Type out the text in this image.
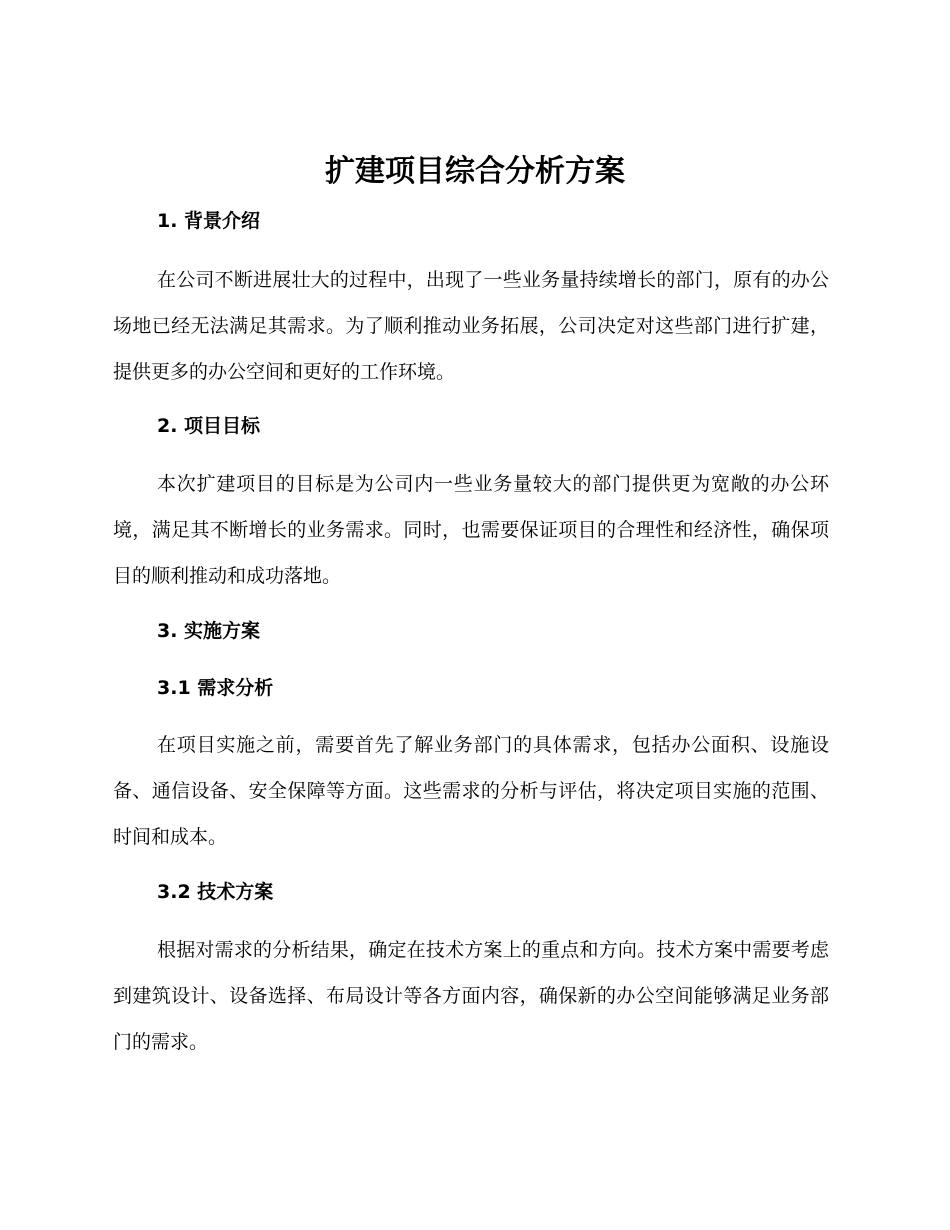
扩建项目综合分析方案
1. 背景介绍

在公司不断进展壮大的过程中，出现了一些业务量持续增长的部门，原有的办公场地已经无法满足其需求。为了顺利推动业务拓展，公司决定对这些部门进行扩建，提供更多的办公空间和更好的工作环境。

2. 项目目标

本次扩建项目的目标是为公司内一些业务量较大的部门提供更为宽敞的办公环境，满足其不断增长的业务需求。同时，也需要保证项目的合理性和经济性，确保项目的顺利推动和成功落地。

3. 实施方案
3.1 需求分析

在项目实施之前，需要首先了解业务部门的具体需求，包括办公面积、设施设备、通信设备、安全保障等方面。这些需求的分析与评估，将决定项目实施的范围、时间和成本。

3.2 技术方案

根据对需求的分析结果，确定在技术方案上的重点和方向。技术方案中需要考虑到建筑设计、设备选择、布局设计等各方面内容，确保新的办公空间能够满足业务部门的需求。
